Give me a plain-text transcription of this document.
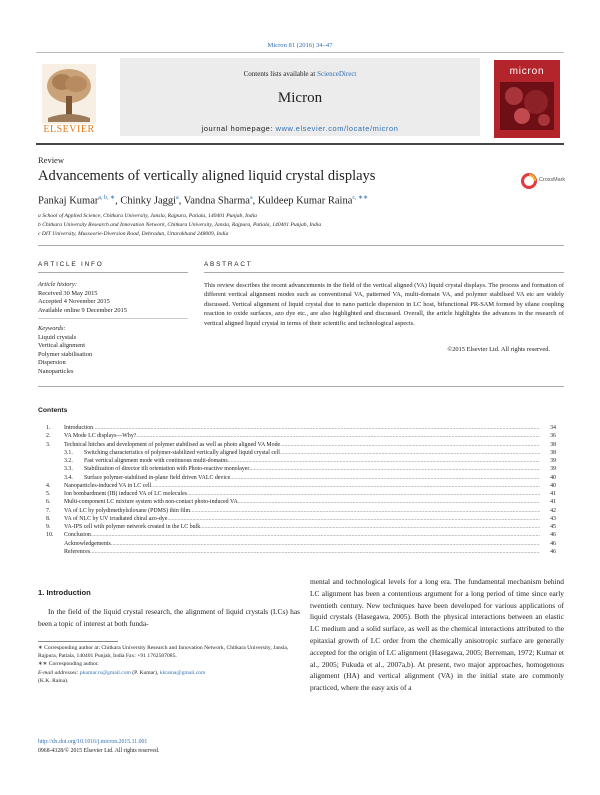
Micron 81 (2016) 34–47
ELSEVIER
Contents lists available at ScienceDirect
Micron
journal homepage: www.elsevier.com/locate/micron
micron
Review
Advancements of vertically aligned liquid crystal displays	CrossMark
Pankaj Kumar$^{a, b, ∗}$, Chinky Jaggi$^a$, Vandna Sharma$^a$, Kuldeep Kumar Raina$^{c, ∗∗}$
a School of Applied Science, Chitkara University, Jansla, Rajpura, Patiala, 140401 Punjab, India
b Chitkara University Research and Innovation Network, Chitkara University, Jansla, Rajpura, Patiala, 140401 Punjab, India
c DIT University, Mussoorie-Diversion Road, Dehradun, Uttarakhand 248009, India
ARTICLE INFO	ABSTRACT
Article history:
Received 30 May 2015
Accepted 4 November 2015
Available online 9 December 2015
Keywords:
Liquid crystals
Vertical alignment
Polymer stabilisation
Dispersion
Nanoparticles
This review describes the recent advancements in the field of the vertical aligned (VA) liquid crystal displays. The process and formation of different vertical alignment modes such as conventional VA, patterned VA, multi-domain VA, and polymer stabilised VA etc are widely discussed. Vertical alignment of liquid crystal due to nano particle dispersion in LC host, bifunctional PR-SAM formed by silane coupling reaction to oxide surfaces, azo dye etc., are also highlighted and discussed. Overall, the article highlights the advances in the research of vertical aligned liquid crystal in terms of their scientific and technological aspects.
©2015 Elsevier Ltd. All rights reserved.
Contents
1.	Introduction .....	34
2.	VA Mode LC displays—Why? .....	36
3.	Technical hitches and development of polymer stabilised as well as photo aligned VA Mode .....	38
3.1.	Switching characteristics of polymer-stabilized vertically aligned liquid crystal cell .....	38
3.2.	Fast vertical alignment mode with continuous multi-domains .....	39
3.3.	Stabilization of director tilt orientation with Photo-reactive monolayer .....	39
3.4.	Surface polymer-stabilised in-plane field driven VALC device .....	40
4.	Nanoparticles-induced VA in LC cell .....	40
5.	Ion bombardment (IB) induced VA of LC molecules .....	41
6.	Multi-component LC mixture system with non-contact photo-induced VA .....	41
7.	VA of LC by polydimethylsiloxane (PDMS) thin film .....	42
8.	VA of NLC by UV irradiated chiral azo-dye .....	43
9.	VA-IPS cell with polymer network created in the LC bulk .....	45
10.	Conclusion .....	46
Acknowledgements .....	46
References .....	46
1. Introduction
In the field of the liquid crystal research, the alignment of liquid crystals (LCs) has been a topic of interest at both funda-
mental and technological levels for a long era. The fundamental mechanism behind LC alignment has been a contentious argument for a long period of time since early twentieth century. New techniques have been developed for various applications of liquid crystals (Hasegawa, 2005). Both the physical interactions between an elastic LC medium and a solid surface, as well as the chemical interactions attributed to the epitaxial growth of LC order from the chemically anisotropic surface are generally accepted for the origin of LC alignment (Hasegawa, 2005; Berreman, 1972; Kumar et al., 2005; Fukuda et al., 2007a,b). At present, two major approaches, homogenous alignment (HA) and vertical alignment (VA) in the initial state are commonly practiced, where the easy axis of a
∗ Corresponding author at: Chitkara University Research and Innovation Network, Chitkara University, Jansla, Rajpura, Patiala, 140401 Punjab, India Fax: +91 1762507085.
∗∗ Corresponding author.
E-mail addresses: pkumar.rs@gmail.com (P. Kumar), kkraina@gmail.com
(K.K. Raina).
http://dx.doi.org/10.1016/j.micron.2015.11.001
0968-4328/© 2015 Elsevier Ltd. All rights reserved.
